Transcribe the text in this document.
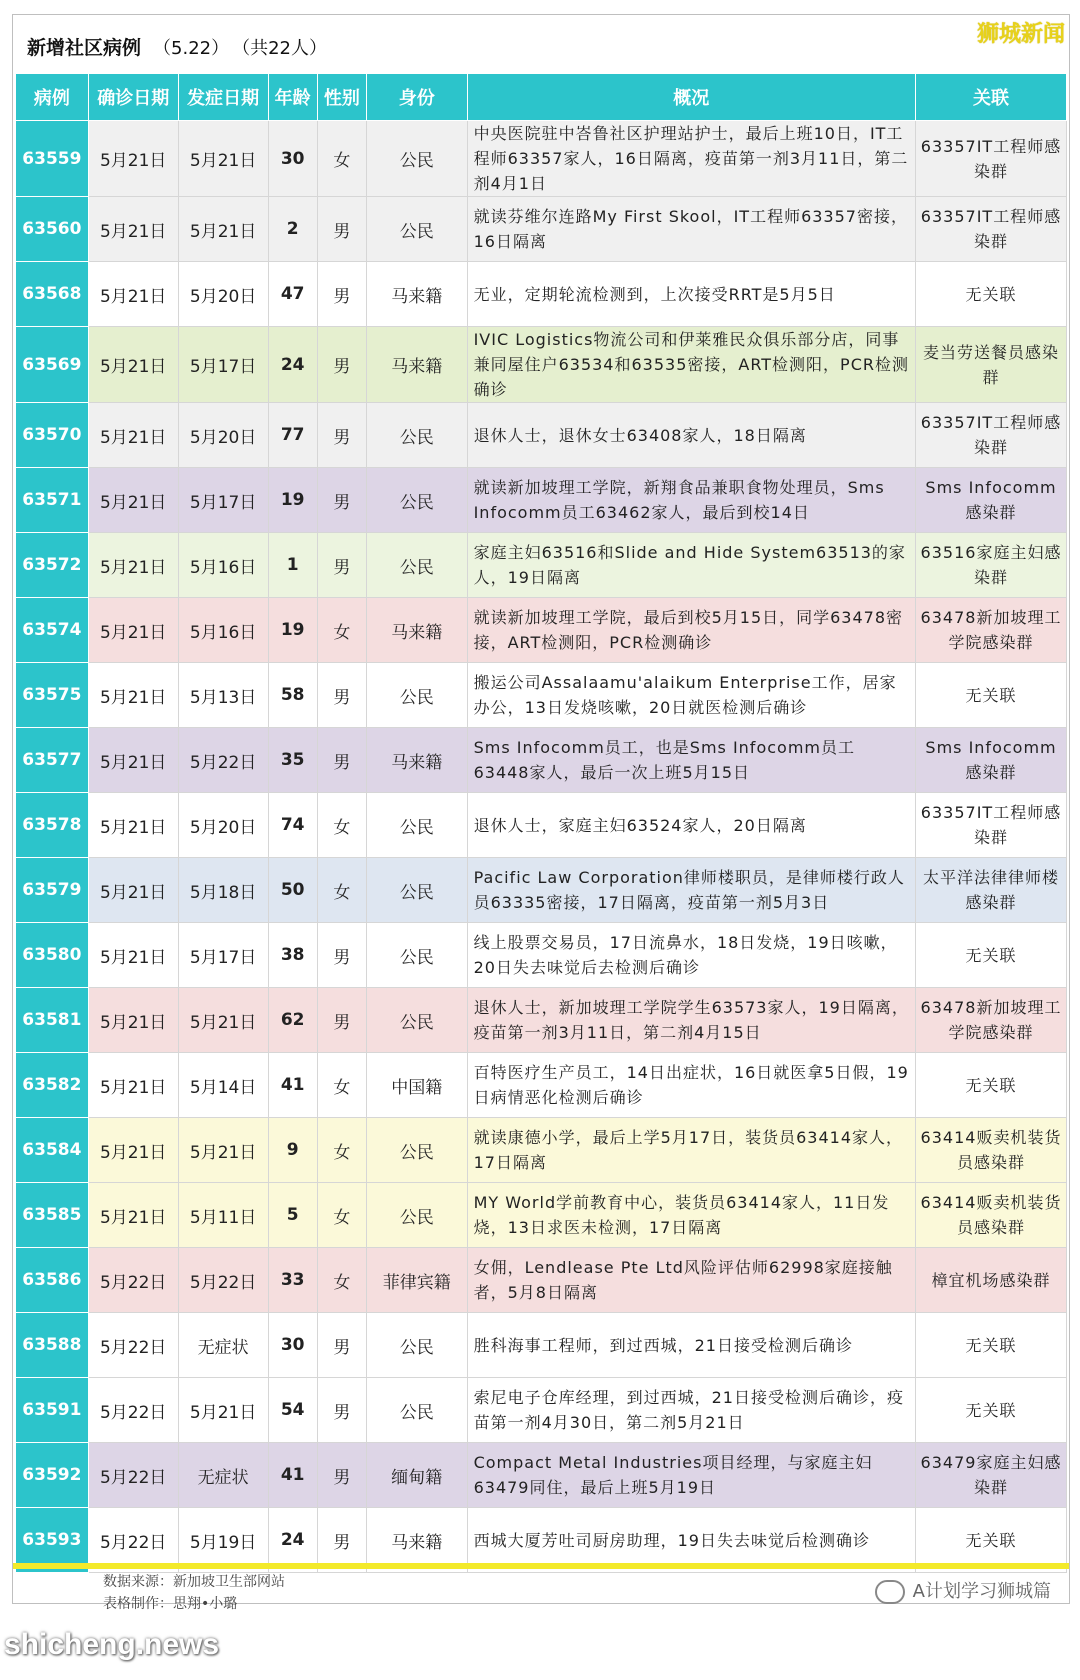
新增社区病例 （5.22） （共22人）
狮城新闻
病例	确诊日期	发症日期	年龄	性别	身份	概况	关联
63559	5月21日	5月21日	30	女	公民	中央医院驻中峇鲁社区护理站护士，最后上班10日，IT工程师63357家人，16日隔离，疫苗第一剂3月11日，第二剂4月1日	63357IT工程师感染群
63560	5月21日	5月21日	2	男	公民	就读芬维尔连路My First Skool，IT工程师63357密接，16日隔离	63357IT工程师感染群
63568	5月21日	5月20日	47	男	马来籍	无业，定期轮流检测到，上次接受RRT是5月5日	无关联
63569	5月21日	5月17日	24	男	马来籍	IVIC Logistics物流公司和伊莱雅民众俱乐部分店，同事兼同屋住户63534和63535密接，ART检测阳，PCR检测确诊	麦当劳送餐员感染群
63570	5月21日	5月20日	77	男	公民	退休人士，退休女士63408家人，18日隔离	63357IT工程师感染群
63571	5月21日	5月17日	19	男	公民	就读新加坡理工学院，新翔食品兼职食物处理员，Sms Infocomm员工63462家人，最后到校14日	Sms Infocomm感染群
63572	5月21日	5月16日	1	男	公民	家庭主妇63516和Slide and Hide System63513的家人，19日隔离	63516家庭主妇感染群
63574	5月21日	5月16日	19	女	马来籍	就读新加坡理工学院，最后到校5月15日，同学63478密接，ART检测阳，PCR检测确诊	63478新加坡理工学院感染群
63575	5月21日	5月13日	58	男	公民	搬运公司Assalaamu'alaikum Enterprise工作，居家办公，13日发烧咳嗽，20日就医检测后确诊	无关联
63577	5月21日	5月22日	35	男	马来籍	Sms Infocomm员工，也是Sms Infocomm员工63448家人，最后一次上班5月15日	Sms Infocomm感染群
63578	5月21日	5月20日	74	女	公民	退休人士，家庭主妇63524家人，20日隔离	63357IT工程师感染群
63579	5月21日	5月18日	50	女	公民	Pacific Law Corporation律师楼职员，是律师楼行政人员63335密接，17日隔离，疫苗第一剂5月3日	太平洋法律律师楼感染群
63580	5月21日	5月17日	38	男	公民	线上股票交易员，17日流鼻水，18日发烧，19日咳嗽，20日失去味觉后去检测后确诊	无关联
63581	5月21日	5月21日	62	男	公民	退休人士，新加坡理工学院学生63573家人，19日隔离，疫苗第一剂3月11日，第二剂4月15日	63478新加坡理工学院感染群
63582	5月21日	5月14日	41	女	中国籍	百特医疗生产员工，14日出症状，16日就医拿5日假，19日病情恶化检测后确诊	无关联
63584	5月21日	5月21日	9	女	公民	就读康德小学，最后上学5月17日，装货员63414家人，17日隔离	63414贩卖机装货员感染群
63585	5月21日	5月11日	5	女	公民	MY World学前教育中心，装货员63414家人，11日发烧，13日求医未检测，17日隔离	63414贩卖机装货员感染群
63586	5月22日	5月22日	33	女	菲律宾籍	女佣，Lendlease Pte Ltd风险评估师62998家庭接触者，5月8日隔离	樟宜机场感染群
63588	5月22日	无症状	30	男	公民	胜科海事工程师，到过西城，21日接受检测后确诊	无关联
63591	5月22日	5月21日	54	男	公民	索尼电子仓库经理，到过西城，21日接受检测后确诊，疫苗第一剂4月30日，第二剂5月21日	无关联
63592	5月22日	无症状	41	男	缅甸籍	Compact Metal Industries项目经理，与家庭主妇63479同住，最后上班5月19日	63479家庭主妇感染群
63593	5月22日	5月19日	24	男	马来籍	西城大厦芳吐司厨房助理，19日失去味觉后检测确诊	无关联
数据来源：新加坡卫生部网站
表格制作：思翔•小璐
A计划学习狮城篇
shicheng.news
